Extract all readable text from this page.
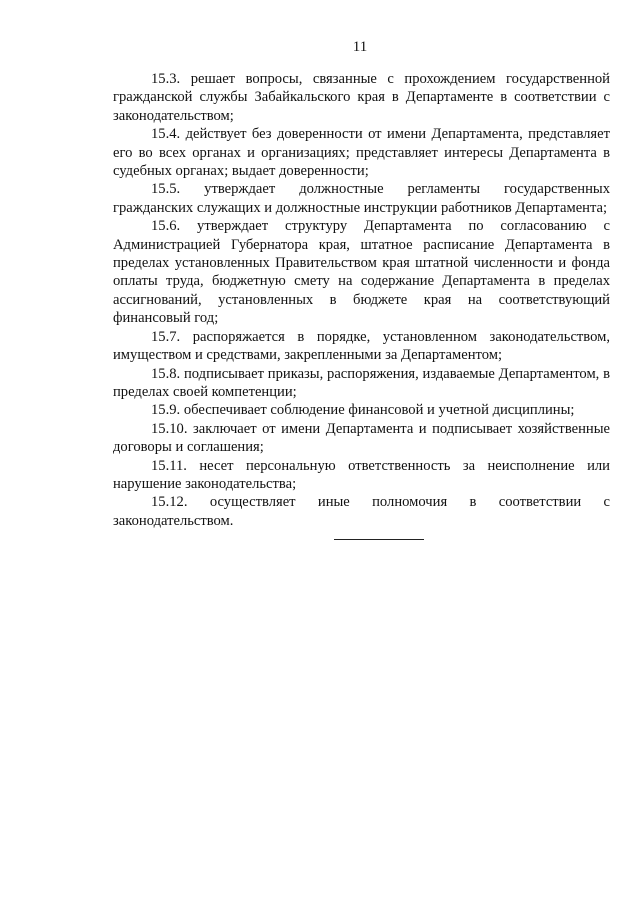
11

15.3. решает вопросы, связанные с прохождением государственной гражданской службы Забайкальского края в Департаменте в соответствии с законодательством;

15.4. действует без доверенности от имени Департамента, представляет его во всех органах и организациях; представляет интересы Департамента в судебных органах; выдает доверенности;

15.5. утверждает должностные регламенты государственных гражданских служащих и должностные инструкции работников Департамента;

15.6. утверждает структуру Департамента по согласованию с Администрацией Губернатора края, штатное расписание Департамента в пределах установленных Правительством края штатной численности и фонда оплаты труда, бюджетную смету на содержание Департамента в пределах ассигнований, установленных в бюджете края на соответствующий финансовый год;

15.7. распоряжается в порядке, установленном законодательством, имуществом и средствами, закрепленными за Департаментом;

15.8. подписывает приказы, распоряжения, издаваемые Департаментом, в пределах своей компетенции;

15.9. обеспечивает соблюдение финансовой и учетной дисциплины;

15.10. заключает от имени Департамента и подписывает хозяйственные договоры и соглашения;

15.11. несет персональную ответственность за неисполнение или нарушение законодательства;

15.12. осуществляет иные полномочия в соответствии с законодательством.
